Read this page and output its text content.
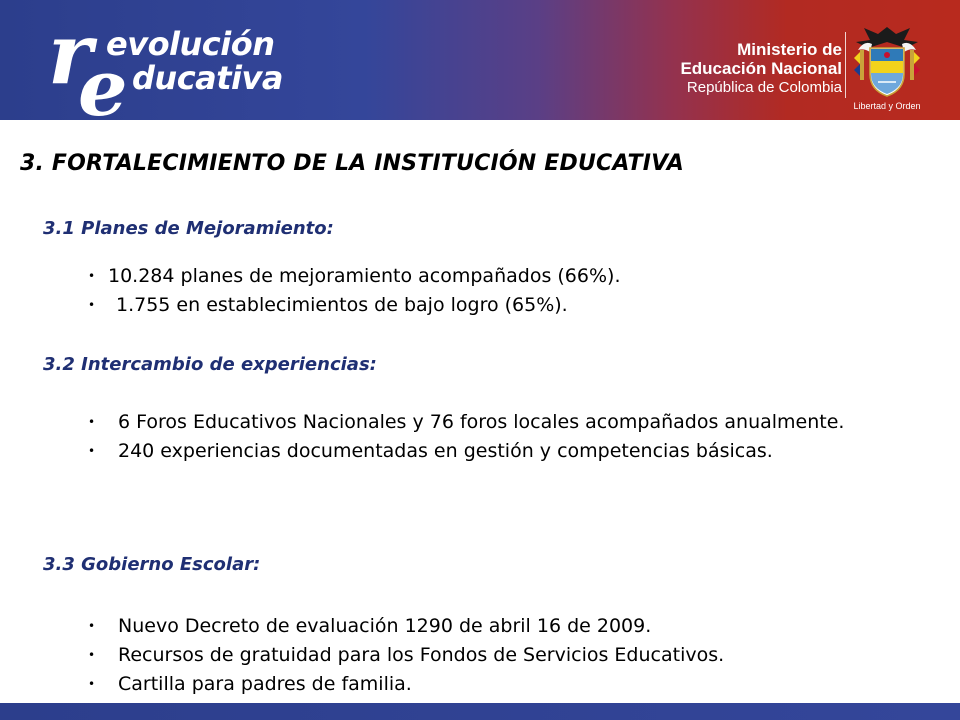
r
e
evolución
ducativa
Ministerio de
Educación Nacional
República de Colombia
Libertad y Orden
3. FORTALECIMIENTO DE LA INSTITUCIÓN EDUCATIVA
3.1 Planes de Mejoramiento:
• 10.284 planes de mejoramiento acompañados (66%).
• 1.755 en establecimientos de bajo logro (65%).
3.2 Intercambio de experiencias:
• 6 Foros Educativos Nacionales y 76 foros locales acompañados anualmente.
• 240 experiencias documentadas en gestión y competencias básicas.
3.3 Gobierno Escolar:
• Nuevo Decreto de evaluación 1290 de abril 16 de 2009.
• Recursos de gratuidad para los Fondos de Servicios Educativos.
• Cartilla para padres de familia.
